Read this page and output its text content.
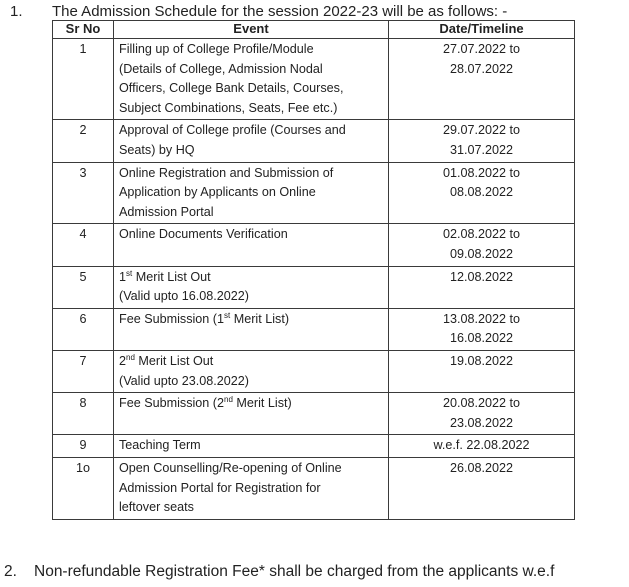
1. The Admission Schedule for the session 2022-23 will be as follows: -
Sr No	Event	Date/Timeline
1	Filling up of College Profile/Module
(Details of College, Admission Nodal
Officers, College Bank Details, Courses,
Subject Combinations, Seats, Fee etc.)	27.07.2022 to
28.07.2022

2	Approval of College profile (Courses and
Seats) by HQ	29.07.2022 to
31.07.2022

3	Online Registration and Submission of
Application by Applicants on Online
Admission Portal	01.08.2022 to
08.08.2022

4	Online Documents Verification	02.08.2022 to
09.08.2022

5	1st Merit List Out
(Valid upto 16.08.2022)	12.08.2022

6	Fee Submission (1st Merit List)	13.08.2022 to
16.08.2022

7	2nd Merit List Out
(Valid upto 23.08.2022)	19.08.2022

8	Fee Submission (2nd Merit List)	20.08.2022 to
23.08.2022

9	Teaching Term	w.e.f. 22.08.2022

1o	Open Counselling/Re-opening of Online
Admission Portal for Registration for
leftover seats	26.08.2022
2. Non-refundable Registration Fee* shall be charged from the applicants w.e.f
